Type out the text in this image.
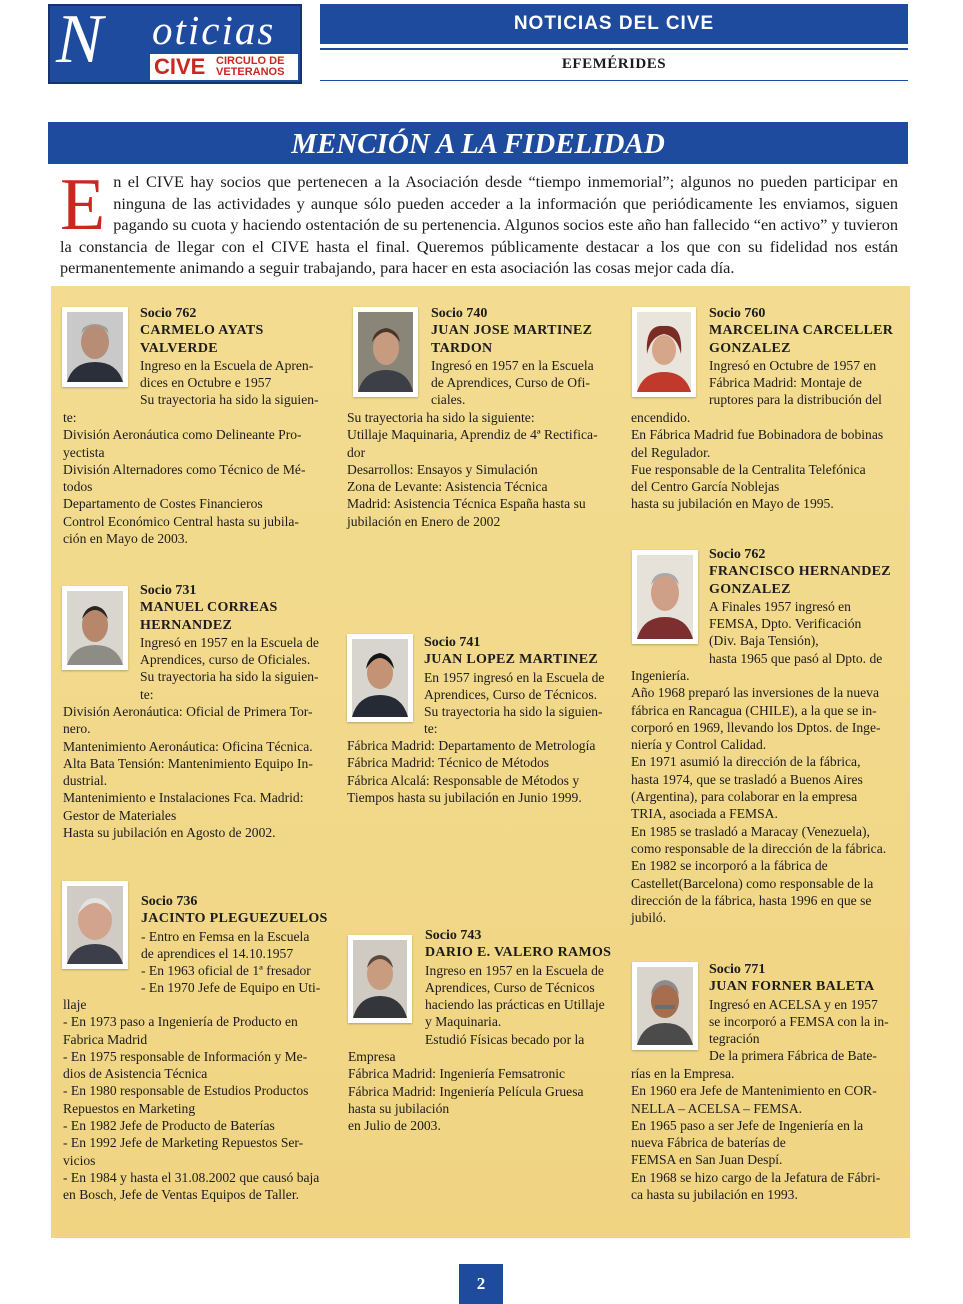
N oticias
CIVE CIRCULO DE
VETERANOS
NOTICIAS DEL CIVE
EFEMÉRIDES
MENCIÓN A LA FIDELIDAD

E n el CIVE hay socios que pertenecen a la Asociación desde “tiempo inmemorial”; algunos no pueden participar en ninguna de las actividades y aunque sólo pueden acceder a la información que periódicamente les enviamos, siguen pagando su cuota y haciendo ostentación de su pertenencia. Algunos socios este año han fallecido “en activo” y tuvieron la constancia de llegar con el CIVE hasta el final. Queremos públicamente destacar a los que con su fidelidad nos están permanentemente animando a seguir trabajando, para hacer en esta asociación las cosas mejor cada día.

Socio 762
CARMELO AYATS
VALVERDE
Ingreso en la Escuela de Apren-
dices en Octubre e 1957
Su trayectoria ha sido la siguien-
te:
División Aeronáutica como Delineante Pro-
yectista
División Alternadores como Técnico de Mé-
todos
Departamento de Costes Financieros
Control Económico Central hasta su jubila-
ción en Mayo de 2003.
Socio 740
JUAN JOSE MARTINEZ
TARDON
Ingresó en 1957 en la Escuela
de Aprendices, Curso de Ofi-
ciales.
Su trayectoria ha sido la siguiente:
Utillaje Maquinaria, Aprendiz de 4ª Rectifica-
dor
Desarrollos: Ensayos y Simulación
Zona de Levante: Asistencia Técnica
Madrid: Asistencia Técnica España hasta su
jubilación en Enero de 2002
Socio 760
MARCELINA CARCELLER
GONZALEZ
Ingresó en Octubre de 1957 en
Fábrica Madrid: Montaje de
ruptores para la distribución del
encendido.
En Fábrica Madrid fue Bobinadora de bobinas
del Regulador.
Fue responsable de la Centralita Telefónica
del Centro García Noblejas
hasta su jubilación en Mayo de 1995.
Socio 731
MANUEL CORREAS
HERNANDEZ
Ingresó en 1957 en la Escuela de
Aprendices, curso de Oficiales.
Su trayectoria ha sido la siguien-
te:
División Aeronáutica: Oficial de Primera Tor-
nero.
Mantenimiento Aeronáutica: Oficina Técnica.
Alta Bata Tensión: Mantenimiento Equipo In-
dustrial.
Mantenimiento e Instalaciones Fca. Madrid:
Gestor de Materiales
Hasta su jubilación en Agosto de 2002.
Socio 741
JUAN LOPEZ MARTINEZ
En 1957 ingresó en la Escuela de
Aprendices, Curso de Técnicos.
Su trayectoria ha sido la siguien-
te:
Fábrica Madrid: Departamento de Metrología
Fábrica Madrid: Técnico de Métodos
Fábrica Alcalá: Responsable de Métodos y
Tiempos hasta su jubilación en Junio 1999.
Socio 762
FRANCISCO HERNANDEZ
GONZALEZ
A Finales 1957 ingresó en
FEMSA, Dpto. Verificación
(Div. Baja Tensión),
hasta 1965 que pasó al Dpto. de
Ingeniería.
Año 1968 preparó las inversiones de la nueva
fábrica en Rancagua (CHILE), a la que se in-
corporó en 1969, llevando los Dptos. de Inge-
niería y Control Calidad.
En 1971 asumió la dirección de la fábrica,
hasta 1974, que se trasladó a Buenos Aires
(Argentina), para colaborar en la empresa
TRIA, asociada a FEMSA.
En 1985 se trasladó a Maracay (Venezuela),
como responsable de la dirección de la fábrica.
En 1982 se incorporó a la fábrica de
Castellet(Barcelona) como responsable de la
dirección de la fábrica, hasta 1996 en que se
jubiló.
Socio 736
JACINTO PLEGUEZUELOS
- Entro en Femsa en la Escuela
de aprendices el 14.10.1957
- En 1963 oficial de 1ª fresador
- En 1970 Jefe de Equipo en Uti-
llaje
- En 1973 paso a Ingeniería de Producto en
Fabrica Madrid
- En 1975 responsable de Información y Me-
dios de Asistencia Técnica
- En 1980 responsable de Estudios Productos
Repuestos en Marketing
- En 1982 Jefe de Producto de Baterías
- En 1992 Jefe de Marketing Repuestos Ser-
vicios
- En 1984 y hasta el 31.08.2002 que causó baja
en Bosch, Jefe de Ventas Equipos de Taller.
Socio 743
DARIO E. VALERO RAMOS
Ingreso en 1957 en la Escuela de
Aprendices, Curso de Técnicos
haciendo las prácticas en Utillaje
y Maquinaria.
Estudió Físicas becado por la
Empresa
Fábrica Madrid: Ingeniería Femsatronic
Fábrica Madrid: Ingeniería Película Gruesa
hasta su jubilación
en Julio de 2003.
Socio 771
JUAN FORNER BALETA
Ingresó en ACELSA y en 1957
se incorporó a FEMSA con la in-
tegración
De la primera Fábrica de Bate-
rías en la Empresa.
En 1960 era Jefe de Mantenimiento en COR-
NELLA – ACELSA – FEMSA.
En 1965 paso a ser Jefe de Ingeniería en la
nueva Fábrica de baterías de
FEMSA en San Juan Despí.
En 1968 se hizo cargo de la Jefatura de Fábri-
ca hasta su jubilación en 1993.
2
